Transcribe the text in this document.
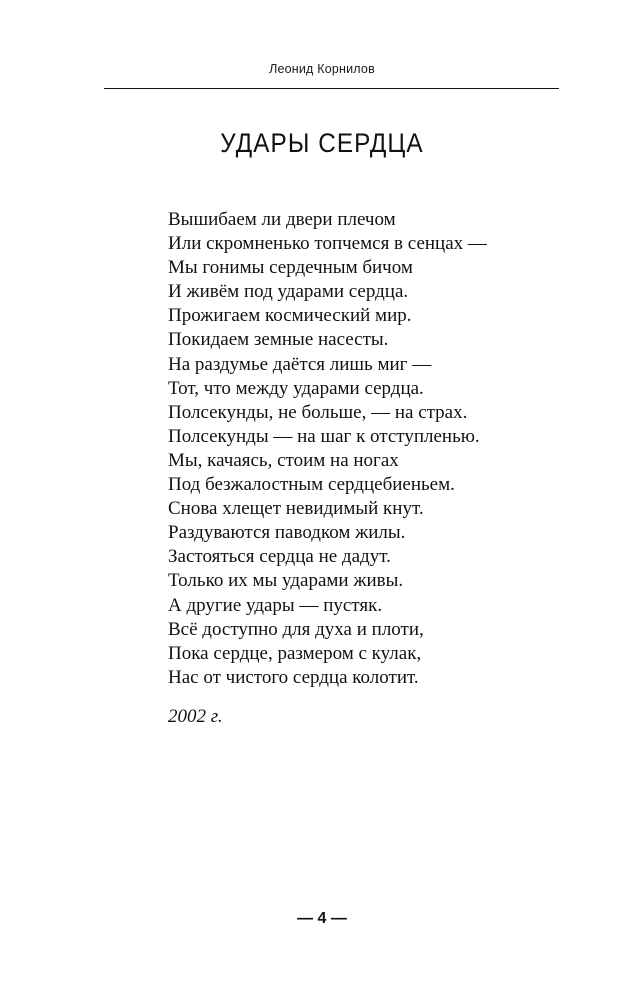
Леонид Корнилов
УДАРЫ СЕРДЦА
Вышибаем ли двери плечом
Или скромненько топчемся в сенцах —
Мы гонимы сердечным бичом
И живём под ударами сердца.
Прожигаем космический мир.
Покидаем земные насесты.
На раздумье даётся лишь миг —
Тот, что между ударами сердца.
Полсекунды, не больше, — на страх.
Полсекунды — на шаг к отступленью.
Мы, качаясь, стоим на ногах
Под безжалостным сердцебиеньем.
Снова хлещет невидимый кнут.
Раздуваются паводком жилы.
Застояться сердца не дадут.
Только их мы ударами живы.
А другие удары — пустяк.
Всё доступно для духа и плоти,
Пока сердце, размером с кулак,
Нас от чистого сердца колотит.
2002 г.
— 4 —
